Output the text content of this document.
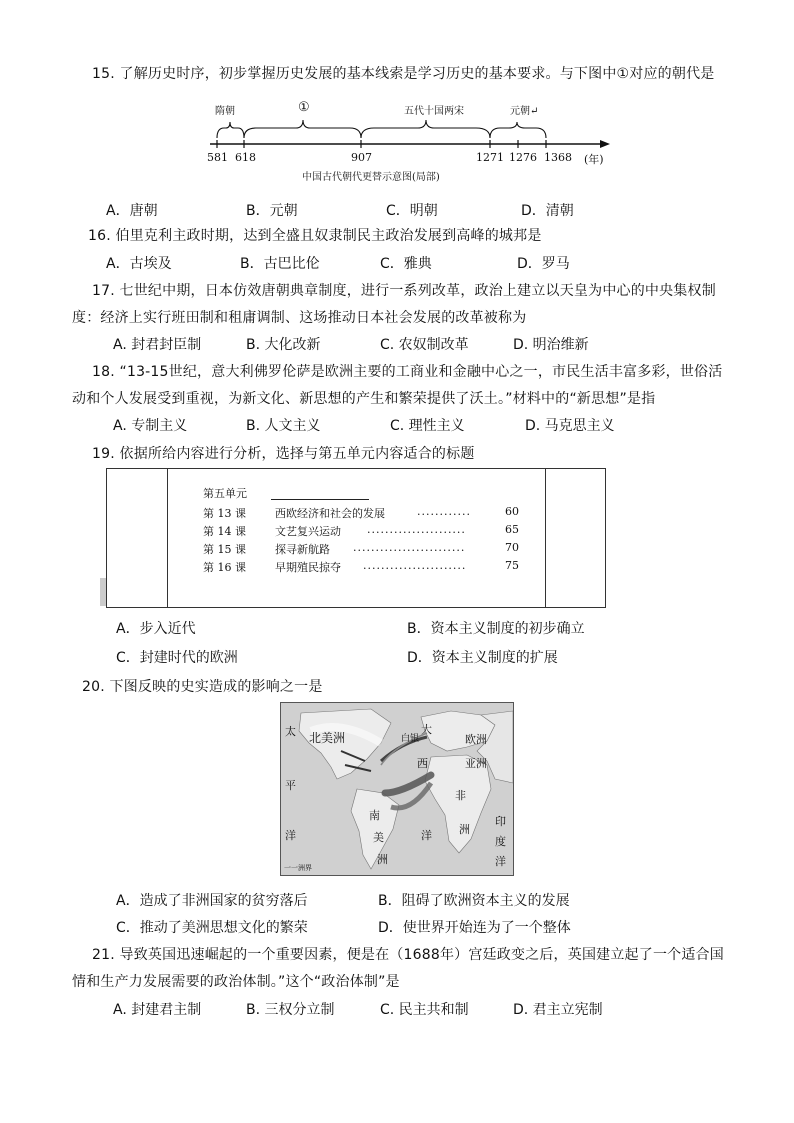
15. 了解历史时序，初步掌握历史发展的基本线索是学习历史的基本要求。与下图中①对应的朝代是
隋朝	①	五代十国两宋	元朝↵
581 618	907	1271 1276 1368 (年)
中国古代朝代更替示意图(局部)
A．唐朝	B．元朝	C．明朝	D．清朝
16. 伯里克利主政时期，达到全盛且奴隶制民主政治发展到高峰的城邦是
A．古埃及	B．古巴比伦	C．雅典	D．罗马
17. 七世纪中期，日本仿效唐朝典章制度，进行一系列改革，政治上建立以天皇为中心的中央集权制
度：经济上实行班田制和租庸调制、这场推动日本社会发展的改革被称为
A. 封君封臣制	B. 大化改新	C. 农奴制改革	D. 明治维新
18. “13-15世纪，意大利佛罗伦萨是欧洲主要的工商业和金融中心之一，市民生活丰富多彩，世俗活
动和个人发展受到重视，为新文化、新思想的产生和繁荣提供了沃土。”材料中的“新思想”是指
A. 专制主义	B. 人文主义	C. 理性主义	D. 马克思主义
19. 依据所给内容进行分析，选择与第五单元内容适合的标题
第五单元
第 13 课	西欧经济和社会的发展	............	60
第 14 课	文艺复兴运动 ......................	65
第 15 课	探寻新航路 .........................	70
第 16 课	早期殖民掠夺 .......................	75
A．步入近代	B．资本主义制度的初步确立
C．封建时代的欧洲	D．资本主义制度的扩展
20. 下图反映的史实造成的影响之一是
太
平
洋
北美洲	白银
大
西
洋
欧洲
亚洲
非
洲
印
度
洋
南
美
洲
一一洲界
A．造成了非洲国家的贫穷落后	B．阻碍了欧洲资本主义的发展
C．推动了美洲思想文化的繁荣	D．使世界开始连为了一个整体
21. 导致英国迅速崛起的一个重要因素，便是在（1688年）宫廷政变之后，英国建立起了一个适合国
情和生产力发展需要的政治体制。”这个“政治体制”是
A. 封建君主制	B. 三权分立制	C. 民主共和制	D. 君主立宪制
